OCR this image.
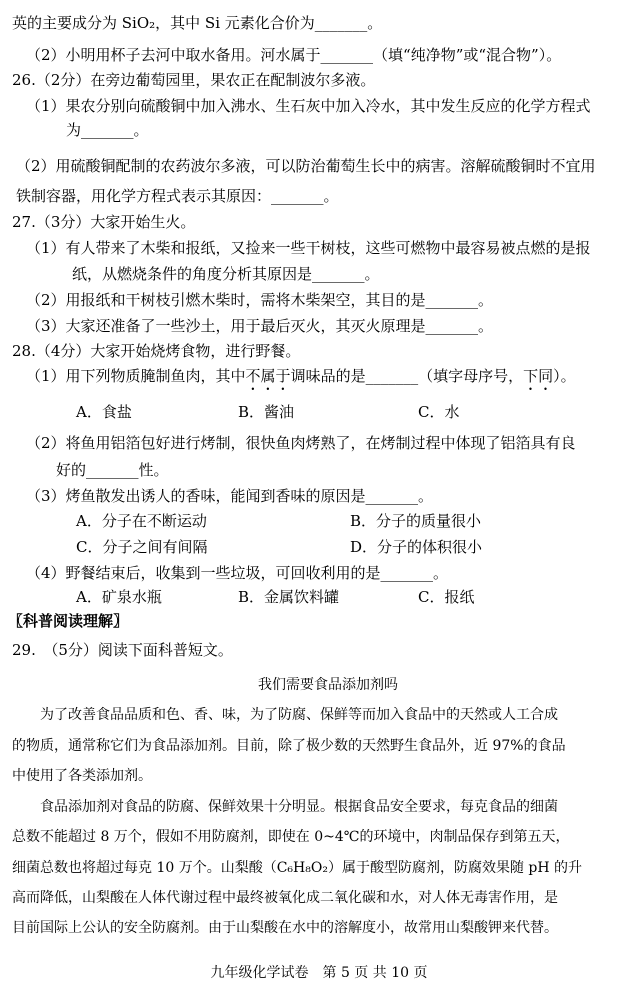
英的主要成分为 SiO₂，其中 Si 元素化合价为_______。
（2）小明用杯子去河中取水备用。河水属于_______（填“纯净物”或“混合物”）。
26.（2分）在旁边葡萄园里，果农正在配制波尔多液。
（1）果农分别向硫酸铜中加入沸水、生石灰中加入冷水，其中发生反应的化学方程式
为_______。
（2）用硫酸铜配制的农药波尔多液，可以防治葡萄生长中的病害。溶解硫酸铜时不宜用
铁制容器，用化学方程式表示其原因：_______。
27.（3分）大家开始生火。
（1）有人带来了木柴和报纸，又捡来一些干树枝，这些可燃物中最容易被点燃的是报
纸，从燃烧条件的角度分析其原因是_______。
（2）用报纸和干树枝引燃木柴时，需将木柴架空，其目的是_______。
（3）大家还准备了一些沙土，用于最后灭火，其灭火原理是_______。
28.（4分）大家开始烧烤食物，进行野餐。
（1）用下列物质腌制鱼肉，其中不属于调味品的是_______（填字母序号，下同）。
A．食盐	B．酱油	C．水
（2）将鱼用铝箔包好进行烤制，很快鱼肉烤熟了，在烤制过程中体现了铝箔具有良
好的_______性。
（3）烤鱼散发出诱人的香味，能闻到香味的原因是_______。
A．分子在不断运动	B．分子的质量很小
C．分子之间有间隔	D．分子的体积很小
（4）野餐结束后，收集到一些垃圾，可回收利用的是_______。
A．矿泉水瓶	B．金属饮料罐	C．报纸
〖科普阅读理解〗
29.　（5分）阅读下面科普短文。
我们需要食品添加剂吗
为了改善食品品质和色、香、味，为了防腐、保鲜等而加入食品中的天然或人工合成
的物质，通常称它们为食品添加剂。目前，除了极少数的天然野生食品外，近 97%的食品
中使用了各类添加剂。
食品添加剂对食品的防腐、保鲜效果十分明显。根据食品安全要求，每克食品的细菌
总数不能超过 8 万个，假如不用防腐剂，即使在 0~4℃的环境中，肉制品保存到第五天，
细菌总数也将超过每克 10 万个。山梨酸（C₆H₈O₂）属于酸型防腐剂，防腐效果随 pH 的升
高而降低，山梨酸在人体代谢过程中最终被氧化成二氧化碳和水，对人体无毒害作用，是
目前国际上公认的安全防腐剂。由于山梨酸在水中的溶解度小，故常用山梨酸钾来代替。
九年级化学试卷　第 5 页 共 10 页
